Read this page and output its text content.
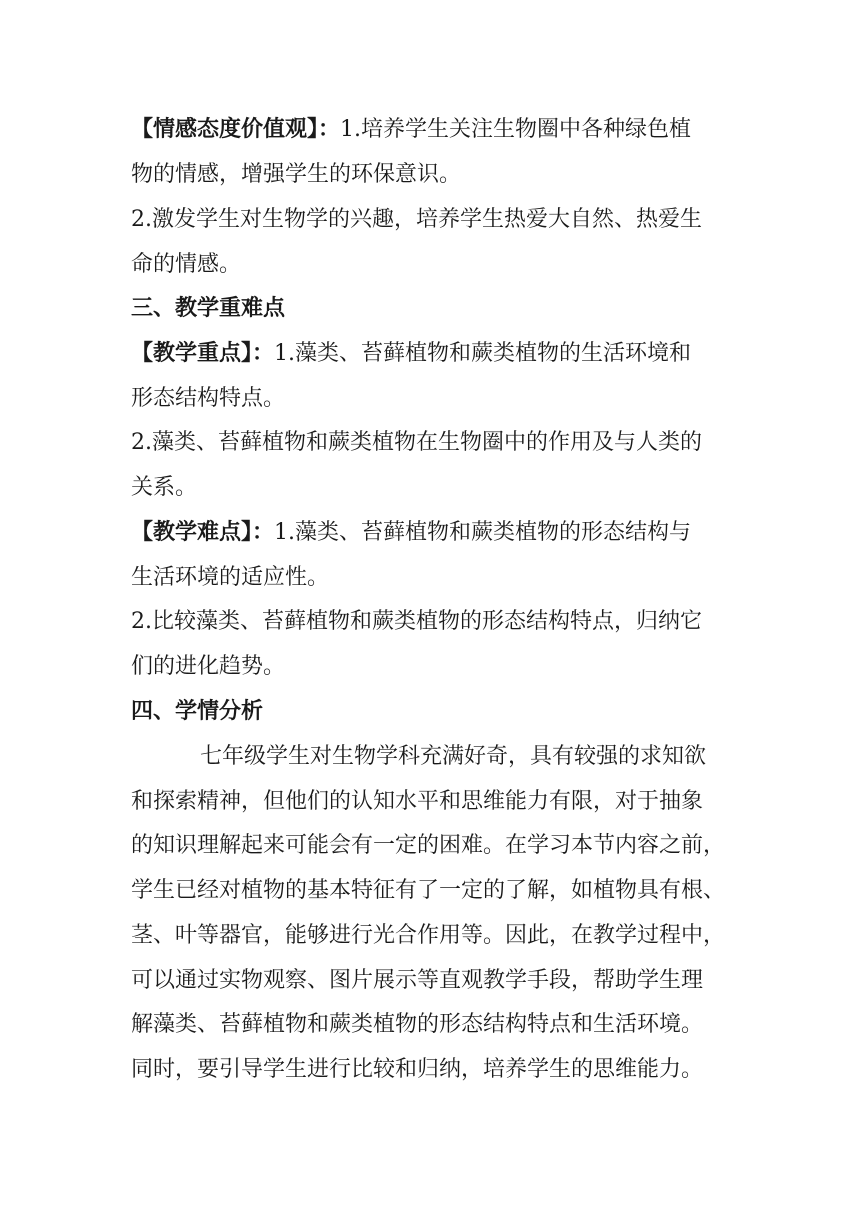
【情感态度价值观】：1.培养学生关注生物圈中各种绿色植
物的情感，增强学生的环保意识。
2.激发学生对生物学的兴趣，培养学生热爱大自然、热爱生
命的情感。
三、教学重难点
【教学重点】：1.藻类、苔藓植物和蕨类植物的生活环境和
形态结构特点。
2.藻类、苔藓植物和蕨类植物在生物圈中的作用及与人类的
关系。
【教学难点】：1.藻类、苔藓植物和蕨类植物的形态结构与
生活环境的适应性。
2.比较藻类、苔藓植物和蕨类植物的形态结构特点，归纳它
们的进化趋势。
四、学情分析
七年级学生对生物学科充满好奇，具有较强的求知欲
和探索精神，但他们的认知水平和思维能力有限，对于抽象
的知识理解起来可能会有一定的困难。在学习本节内容之前，
学生已经对植物的基本特征有了一定的了解，如植物具有根、
茎、叶等器官，能够进行光合作用等。因此，在教学过程中，
可以通过实物观察、图片展示等直观教学手段，帮助学生理
解藻类、苔藓植物和蕨类植物的形态结构特点和生活环境。
同时，要引导学生进行比较和归纳，培养学生的思维能力。
